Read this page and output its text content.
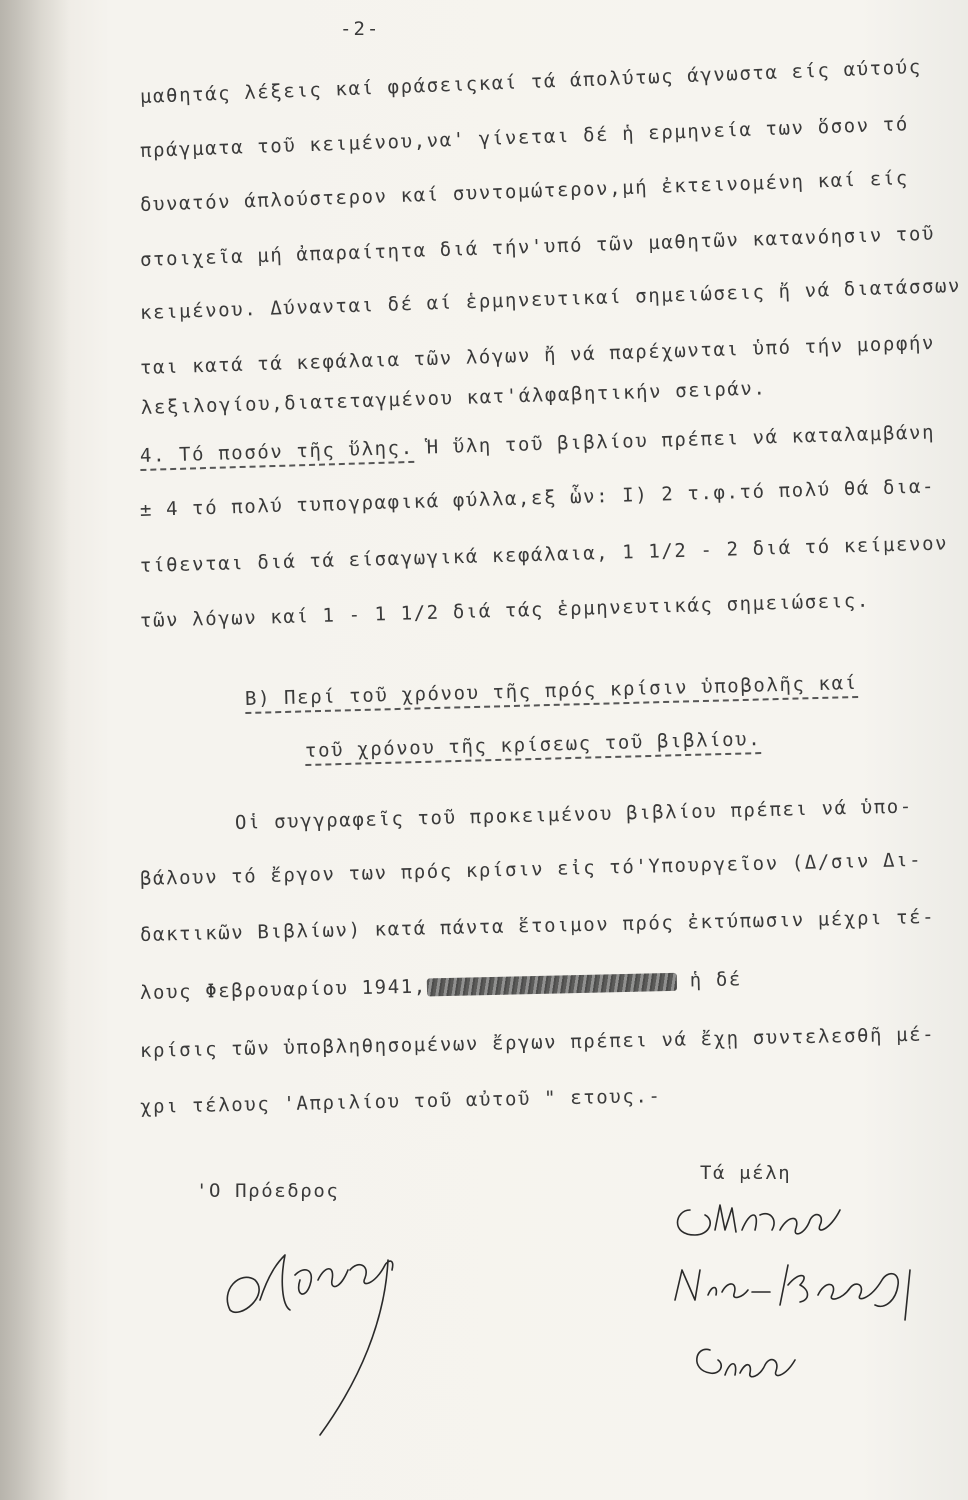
-2-
μαθητάς λέξεις καί φράσειςκαί τά άπολύτως άγνωστα είς αύτούς
πράγματα τοῦ κειμένου,να' γίνεται δέ ἡ ερμηνεία των ὅσον τό
δυνατόν άπλούστερον καί συντομώτερον,μή ἐκτεινομένη καί είς
στοιχεῖα μή ἀπαραίτητα διά τήν'υπό τῶν μαθητῶν κατανόησιν τοῦ
κειμένου. Δύνανται δέ αί ἑρμηνευτικαί σημειώσεις ἤ νά διατάσσων
ται κατά τά κεφάλαια τῶν λόγων ἤ νά παρέχωνται ὑπό τήν μορφήν
λεξιλογίου,διατεταγμένου κατ'άλφαβητικήν σειράν.
4. Τό ποσόν τῆς ὕλης. Ἡ ὕλη τοῦ βιβλίου πρέπει νά καταλαμβάνη
± 4 τό πολύ τυπογραφικά φύλλα,εξ ὧν: I) 2 τ.φ.τό πολύ θά δια-
τίθενται διά τά είσαγωγικά κεφάλαια, 1 1/2 - 2 διά τό κείμενον
τῶν λόγων καί 1 - 1 1/2 διά τάς ἑρμηνευτικάς σημειώσεις.
Β) Περί τοῦ χρόνου τῆς πρός κρίσιν ὑποβολῆς καί
τοῦ χρόνου τῆς κρίσεως τοῦ βιβλίου.
Οἱ συγγραφεῖς τοῦ προκειμένου βιβλίου πρέπει νά ὑπο-
βάλουν τό ἔργον των πρός κρίσιν εἰς τό'Υπουργεῖον (Δ/σιν Δι-
δακτικῶν Βιβλίων) κατά πάντα ἕτοιμον πρός ἐκτύπωσιν μέχρι τέ-
λους Φεβρουαρίου 1941,	ἡ δέ
κρίσις τῶν ὑποβληθησομένων ἔργων πρέπει νά ἔχῃ συντελεσθῆ μέ-
χρι τέλους 'Απριλίου τοῦ αὐτοῦ " ετους.-
'Ο Πρόεδρος
Τά μέλη
